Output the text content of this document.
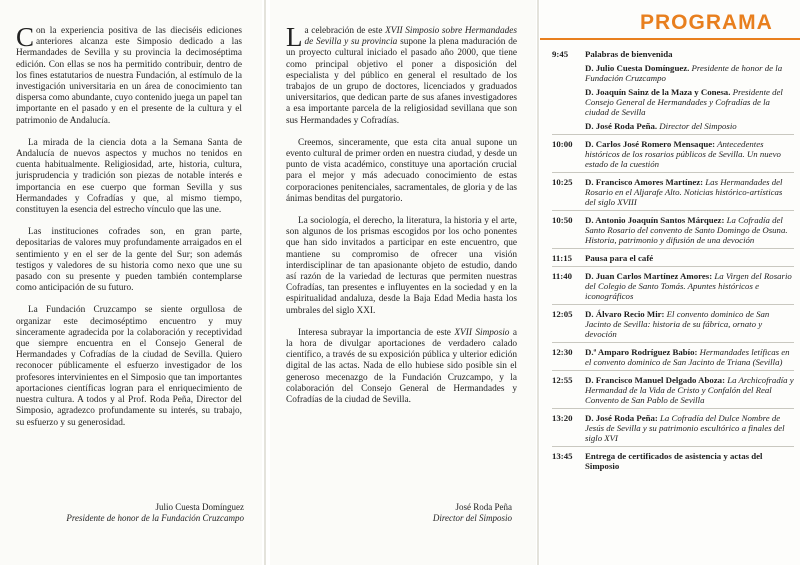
Con la experiencia positiva de las dieciséis ediciones anteriores alcanza este Simposio dedicado a las Hermandades de Sevilla y su provincia la decimoséptima edición. Con ellas se nos ha permitido contribuir, dentro de los fines estatutarios de nuestra Fundación, al estímulo de la investigación universitaria en un área de conocimiento tan dispersa como abundante, cuyo contenido juega un papel tan importante en el pasado y en el presente de la cultura y el patrimonio de Andalucía.

La mirada de la ciencia dota a la Semana Santa de Andalucía de nuevos aspectos y muchos no tenidos en cuenta habitualmente. Religiosidad, arte, historia, cultura, jurisprudencia y tradición son piezas de notable interés e importancia en ese cuerpo que forman Sevilla y sus Hermandades y Cofradías y que, al mismo tiempo, constituyen la esencia del estrecho vínculo que las une.

Las instituciones cofrades son, en gran parte, depositarias de valores muy profundamente arraigados en el sentimiento y en el ser de la gente del Sur; son además testigos y valedores de su historia como nexo que une su pasado con su presente y pueden también contemplarse como anticipación de su futuro.

La Fundación Cruzcampo se siente orgullosa de organizar este decimoséptimo encuentro y muy sinceramente agradecida por la colaboración y receptividad que siempre encuentra en el Consejo General de Hermandades y Cofradías de la ciudad de Sevilla. Quiero reconocer públicamente el esfuerzo investigador de los profesores intervinientes en el Simposio que tan importantes aportaciones científicas logran para el enriquecimiento de nuestra cultura. A todos y al Prof. Roda Peña, Director del Simposio, agradezco profundamente su interés, su trabajo, su esfuerzo y su generosidad.

Julio Cuesta Domínguez
Presidente de honor de la Fundación Cruzcampo

La celebración de este XVII Simposio sobre Hermandades de Sevilla y su provincia supone la plena maduración de un proyecto cultural iniciado el pasado año 2000, que tiene como principal objetivo el poner a disposición del especialista y del público en general el resultado de los trabajos de un grupo de doctores, licenciados y graduados universitarios, que dedican parte de sus afanes investigadores a esa importante parcela de la religiosidad sevillana que son sus Hermandades y Cofradías.

Creemos, sinceramente, que esta cita anual supone un evento cultural de primer orden en nuestra ciudad, y desde un punto de vista académico, constituye una aportación crucial para el mejor y más adecuado conocimiento de estas corporaciones penitenciales, sacramentales, de gloria y de las ánimas benditas del purgatorio.

La sociología, el derecho, la literatura, la historia y el arte, son algunos de los prismas escogidos por los ocho ponentes que han sido invitados a participar en este encuentro, que mantiene su compromiso de ofrecer una visión interdisciplinar de tan apasionante objeto de estudio, dando así razón de la variedad de lecturas que permiten nuestras Cofradías, tan presentes e influyentes en la sociedad y en la espiritualidad andaluza, desde la Baja Edad Media hasta los umbrales del siglo XXI.

Interesa subrayar la importancia de este XVII Simposio a la hora de divulgar aportaciones de verdadero calado científico, a través de su exposición pública y ulterior edición digital de las actas. Nada de ello hubiese sido posible sin el generoso mecenazgo de la Fundación Cruzcampo, y la colaboración del Consejo General de Hermandades y Cofradías de la ciudad de Sevilla.

José Roda Peña
Director del Simposio
PROGRAMA
9:45	Palabras de bienvenida
D. Julio Cuesta Domínguez. Presidente de honor de la Fundación Cruzcampo
D. Joaquín Sainz de la Maza y Conesa. Presidente del Consejo General de Hermandades y Cofradías de la ciudad de Sevilla
D. José Roda Peña. Director del Simposio
10:00	D. Carlos José Romero Mensaque: Antecedentes históricos de los rosarios públicos de Sevilla. Un nuevo estado de la cuestión
10:25	D. Francisco Amores Martínez: Las Hermandades del Rosario en el Aljarafe Alto. Noticias histórico-artísticas del siglo XVIII
10:50	D. Antonio Joaquín Santos Márquez: La Cofradía del Santo Rosario del convento de Santo Domingo de Osuna. Historia, patrimonio y difusión de una devoción
11:15	Pausa para el café
11:40	D. Juan Carlos Martínez Amores: La Virgen del Rosario del Colegio de Santo Tomás. Apuntes históricos e iconográficos
12:05	D. Álvaro Recio Mir: El convento dominico de San Jacinto de Sevilla: historia de su fábrica, ornato y devoción
12:30	D.ª Amparo Rodríguez Babío: Hermandades letíficas en el convento dominico de San Jacinto de Triana (Sevilla)
12:55	D. Francisco Manuel Delgado Aboza: La Archicofradía y Hermandad de la Vida de Cristo y Confalón del Real Convento de San Pablo de Sevilla
13:20	D. José Roda Peña: La Cofradía del Dulce Nombre de Jesús de Sevilla y su patrimonio escultórico a finales del siglo XVI
13:45	Entrega de certificados de asistencia y actas del Simposio
